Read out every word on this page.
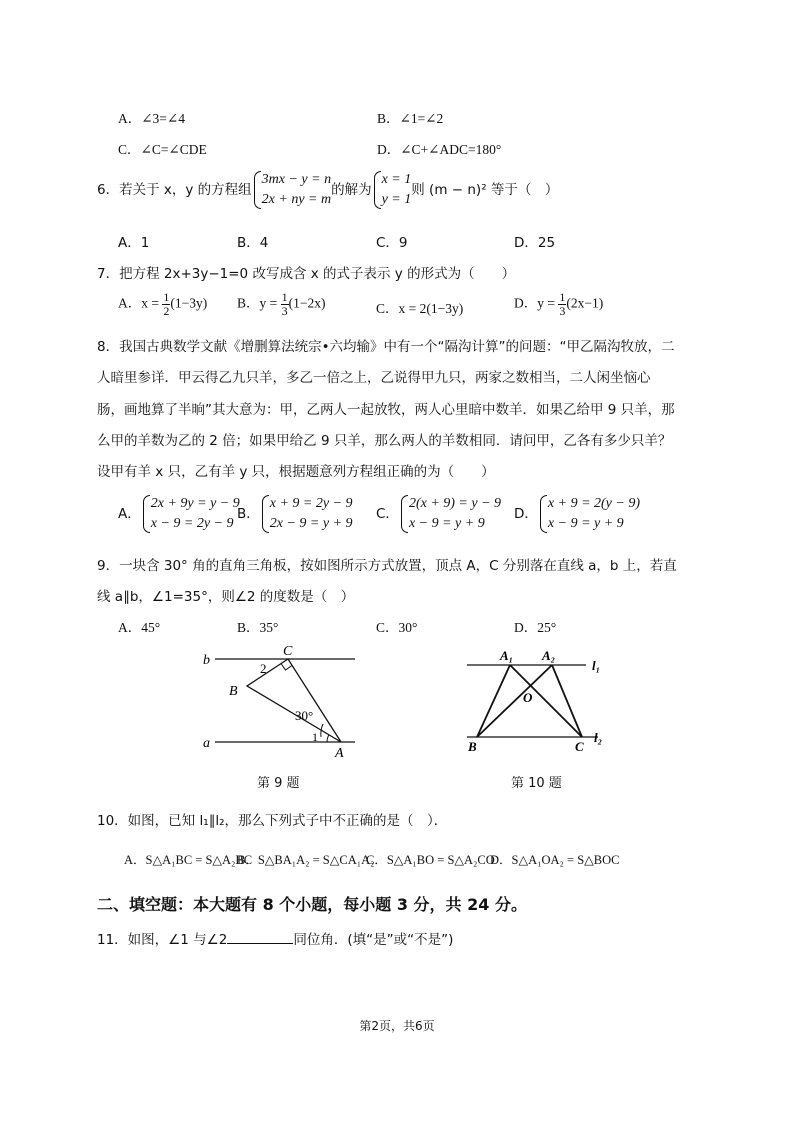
A．∠3=∠4	B．∠1=∠2
C．∠C=∠CDE	D．∠C+∠ADC=180°
6．若关于 x，y 的方程组
3mx − y = n
2x + ny = m
的解为
x = 1
y = 1
则 (m − n)² 等于（　）
A．1	B．4	C．9	D．25
7．把方程 2x+3y−1=0 改写成含 x 的式子表示 y 的形式为（　　）
A．$x = \frac{1}{2} (1-3y)$ B．$y = \frac{1}{3} (1-2x)$	C．x = 2(1−3y)	D．$y = \frac{1}{3} (2x-1)$
8．我国古典数学文献《增删算法统宗•六均输》中有一个“隔沟计算”的问题：“甲乙隔沟牧放，二
人暗里参详．甲云得乙九只羊，多乙一倍之上，乙说得甲九只，两家之数相当，二人闲坐恼心
肠，画地算了半晌”其大意为：甲，乙两人一起放牧，两人心里暗中数羊．如果乙给甲 9 只羊，那
么甲的羊数为乙的 2 倍；如果甲给乙 9 只羊，那么两人的羊数相同．请问甲，乙各有多少只羊？
设甲有羊 x 只，乙有羊 y 只，根据题意列方程组正确的为（　　）
A．
2x + 9y = y − 9
x − 9 = 2y − 9
B．
x + 9 = 2y − 9
2x − 9 = y + 9
C．
2(x + 9) = y − 9
x − 9 = y + 9
D．
x + 9 = 2(y − 9)
x − 9 = y + 9
9．一块含 30° 角的直角三角板，按如图所示方式放置，顶点 A，C 分别落在直线 a，b 上，若直
线 a∥b，∠1=35°，则∠2 的度数是（　）
A．45°	B．35°	C．30°	D．25°
b
a
C
B
A
1
2
30°
第 9 题
A₁ A₂
l₁
l₂
O
B	C
第 10 题
10．如图，已知 l₁∥l₂，那么下列式子中不正确的是（　）．
A．S△A₁BC = S△A₂BC
B．S△BA₁A₂ = S△CA₁A₂
C．S△A₁BO = S△A₂CO
D．S△A₁OA₂ = S△BOC
二、填空题：本大题有 8 个小题，每小题 3 分，共 24 分。
11．如图，∠1 与∠2	同位角．(填“是”或“不是”)
第2页，共6页
